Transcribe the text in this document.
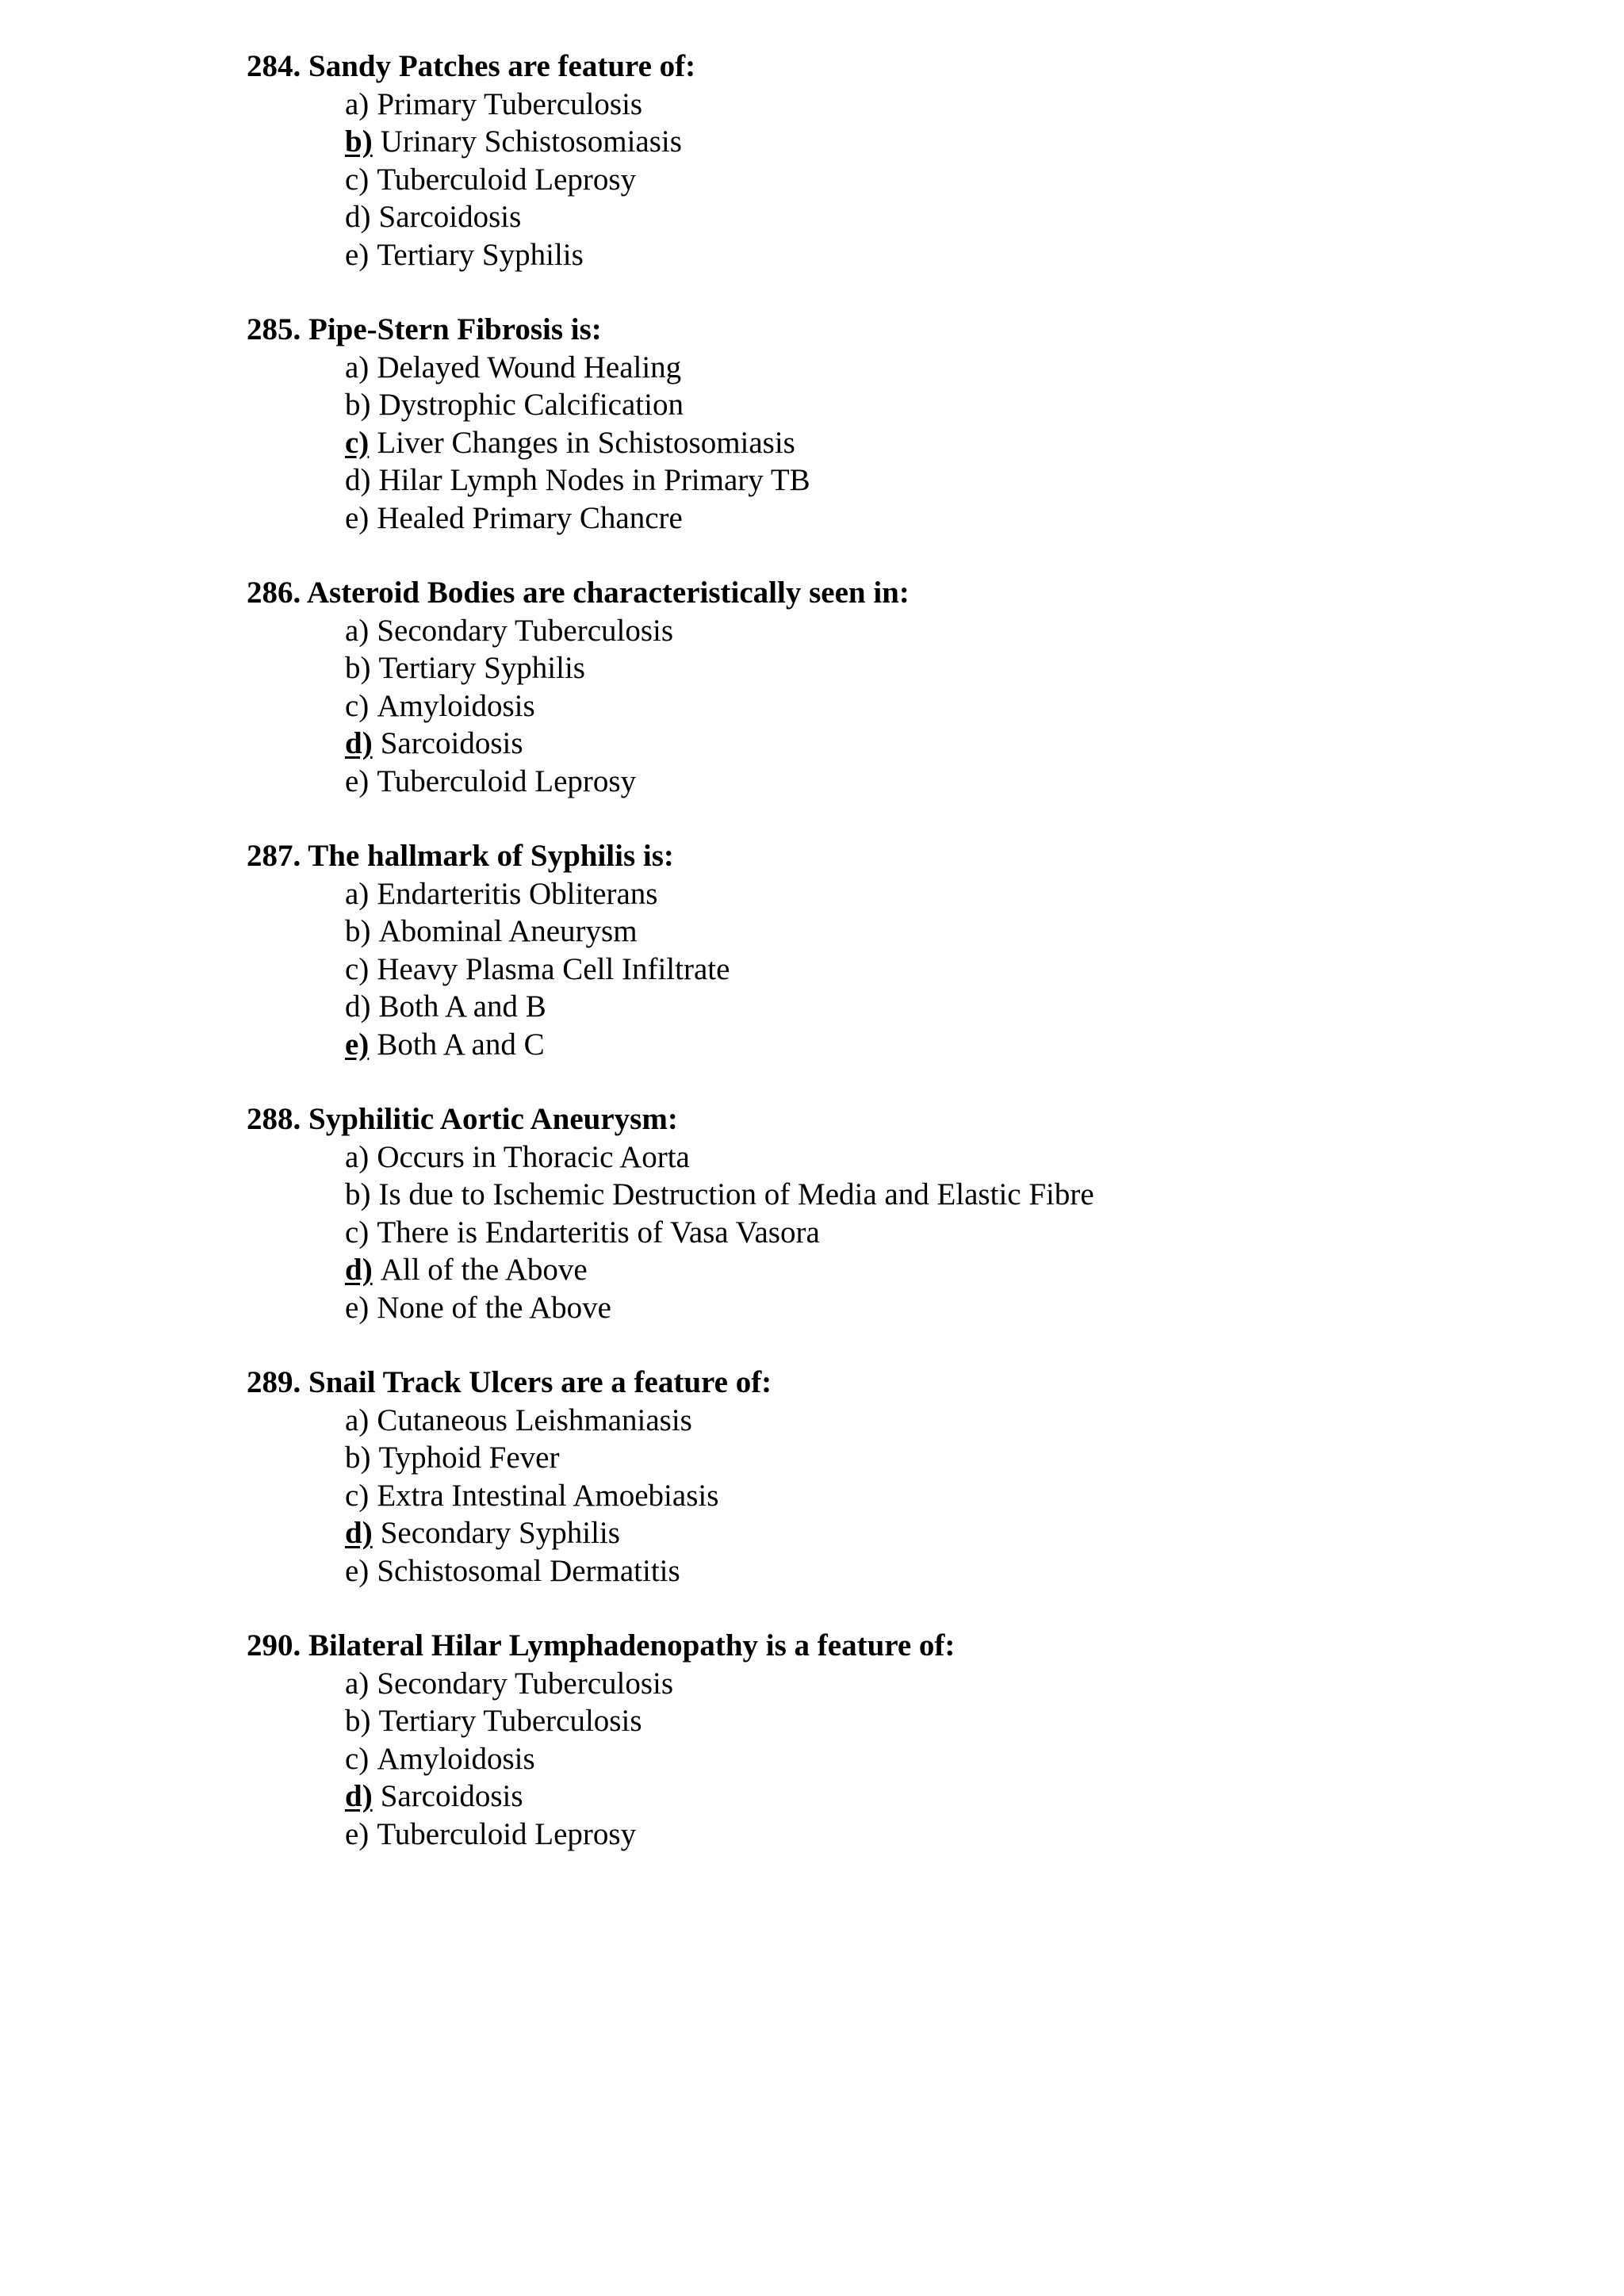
284. Sandy Patches are feature of:
a) Primary Tuberculosis
b) Urinary Schistosomiasis
c) Tuberculoid Leprosy
d) Sarcoidosis
e) Tertiary Syphilis
285. Pipe-Stern Fibrosis is:
a) Delayed Wound Healing
b) Dystrophic Calcification
c) Liver Changes in Schistosomiasis
d) Hilar Lymph Nodes in Primary TB
e) Healed Primary Chancre
286. Asteroid Bodies are characteristically seen in:
a) Secondary Tuberculosis
b) Tertiary Syphilis
c) Amyloidosis
d) Sarcoidosis
e) Tuberculoid Leprosy
287. The hallmark of Syphilis is:
a) Endarteritis Obliterans
b) Abominal Aneurysm
c) Heavy Plasma Cell Infiltrate
d) Both A and B
e) Both A and C
288. Syphilitic Aortic Aneurysm:
a) Occurs in Thoracic Aorta
b) Is due to Ischemic Destruction of Media and Elastic Fibre
c) There is Endarteritis of Vasa Vasora
d) All of the Above
e) None of the Above
289. Snail Track Ulcers are a feature of:
a) Cutaneous Leishmaniasis
b) Typhoid Fever
c) Extra Intestinal Amoebiasis
d) Secondary Syphilis
e) Schistosomal Dermatitis
290. Bilateral Hilar Lymphadenopathy is a feature of:
a) Secondary Tuberculosis
b) Tertiary Tuberculosis
c) Amyloidosis
d) Sarcoidosis
e) Tuberculoid Leprosy
